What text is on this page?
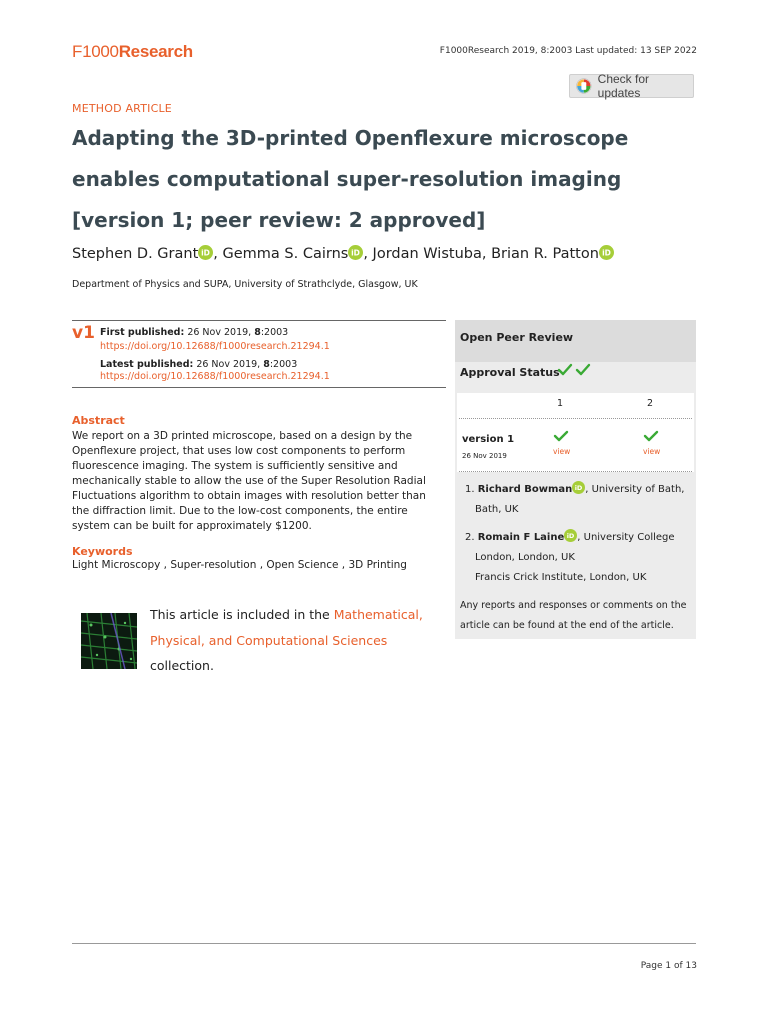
F1000Research	F1000Research 2019, 8:2003 Last updated: 13 SEP 2022
Check for updates
METHOD ARTICLE
Adapting the 3D-printed Openflexure microscope enables computational super-resolution imaging [version 1; peer review: 2 approved]
Stephen D. Grant iD , Gemma S. Cairns iD , Jordan Wistuba, Brian R. Patton iD
Department of Physics and SUPA, University of Strathclyde, Glasgow, UK
v1 First published: 26 Nov 2019, 8:2003
https://doi.org/10.12688/f1000research.21294.1
Latest published: 26 Nov 2019, 8:2003
https://doi.org/10.12688/f1000research.21294.1
Abstract

We report on a 3D printed microscope, based on a design by the Openflexure project, that uses low cost components to perform fluorescence imaging. The system is sufficiently sensitive and mechanically stable to allow the use of the Super Resolution Radial Fluctuations algorithm to obtain images with resolution better than the diffraction limit. Due to the low-cost components, the entire system can be built for approximately $1200.

Keywords
Light Microscopy , Super-resolution , Open Science , 3D Printing

This article is included in the Mathematical, Physical, and Computational Sciences
collection.

Open Peer Review
Approval Status
1	2
version 1
26 Nov 2019	view	view
1. Richard Bowman iD , University of Bath,
Bath, UK
2. Romain F Laine iD , University College
London, London, UK
Francis Crick Institute, London, UK

Any reports and responses or comments on the article can be found at the end of the article.

Page 1 of 13
